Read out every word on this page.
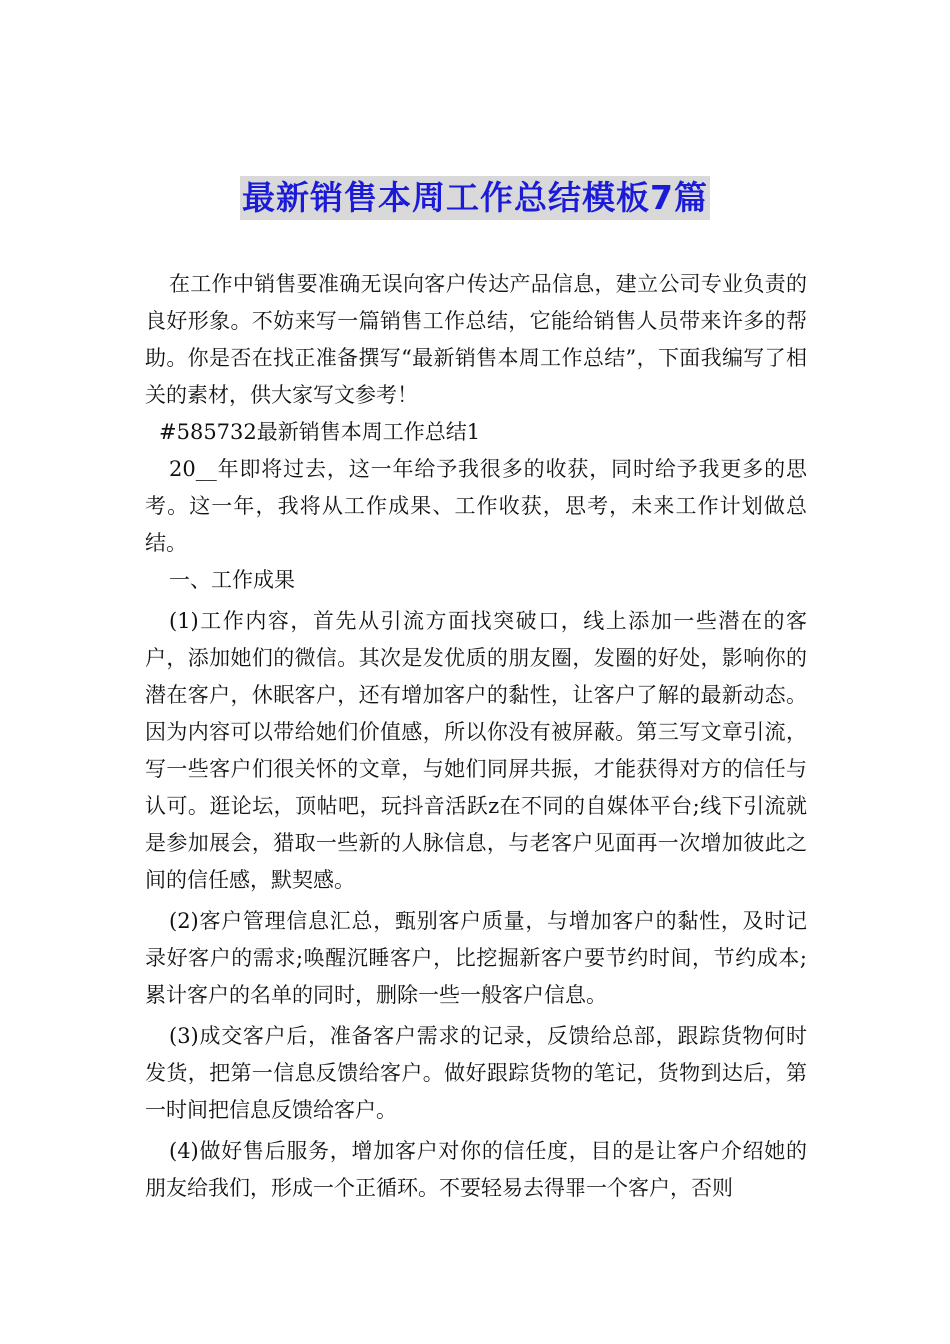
最新销售本周工作总结模板7篇

在工作中销售要准确无误向客户传达产品信息，建立公司专业负责的良好形象。不妨来写一篇销售工作总结，它能给销售人员带来许多的帮助。你是否在找正准备撰写“最新销售本周工作总结”，下面我编写了相关的素材，供大家写文参考！

#585732最新销售本周工作总结1

20__年即将过去，这一年给予我很多的收获，同时给予我更多的思考。这一年，我将从工作成果、工作收获，思考，未来工作计划做总结。

一、工作成果

(1)工作内容，首先从引流方面找突破口，线上添加一些潜在的客户，添加她们的微信。其次是发优质的朋友圈，发圈的好处，影响你的潜在客户，休眠客户，还有增加客户的黏性，让客户了解的最新动态。因为内容可以带给她们价值感，所以你没有被屏蔽。第三写文章引流，写一些客户们很关怀的文章，与她们同屏共振，才能获得对方的信任与认可。逛论坛，顶帖吧，玩抖音活跃z在不同的自媒体平台;线下引流就是参加展会，猎取一些新的人脉信息，与老客户见面再一次增加彼此之间的信任感，默契感。

(2)客户管理信息汇总，甄别客户质量，与增加客户的黏性，及时记录好客户的需求;唤醒沉睡客户，比挖掘新客户要节约时间，节约成本;累计客户的名单的同时，删除一些一般客户信息。

(3)成交客户后，准备客户需求的记录，反馈给总部，跟踪货物何时发货，把第一信息反馈给客户。做好跟踪货物的笔记，货物到达后，第一时间把信息反馈给客户。

(4)做好售后服务，增加客户对你的信任度，目的是让客户介绍她的朋友给我们，形成一个正循环。不要轻易去得罪一个客户，否则
